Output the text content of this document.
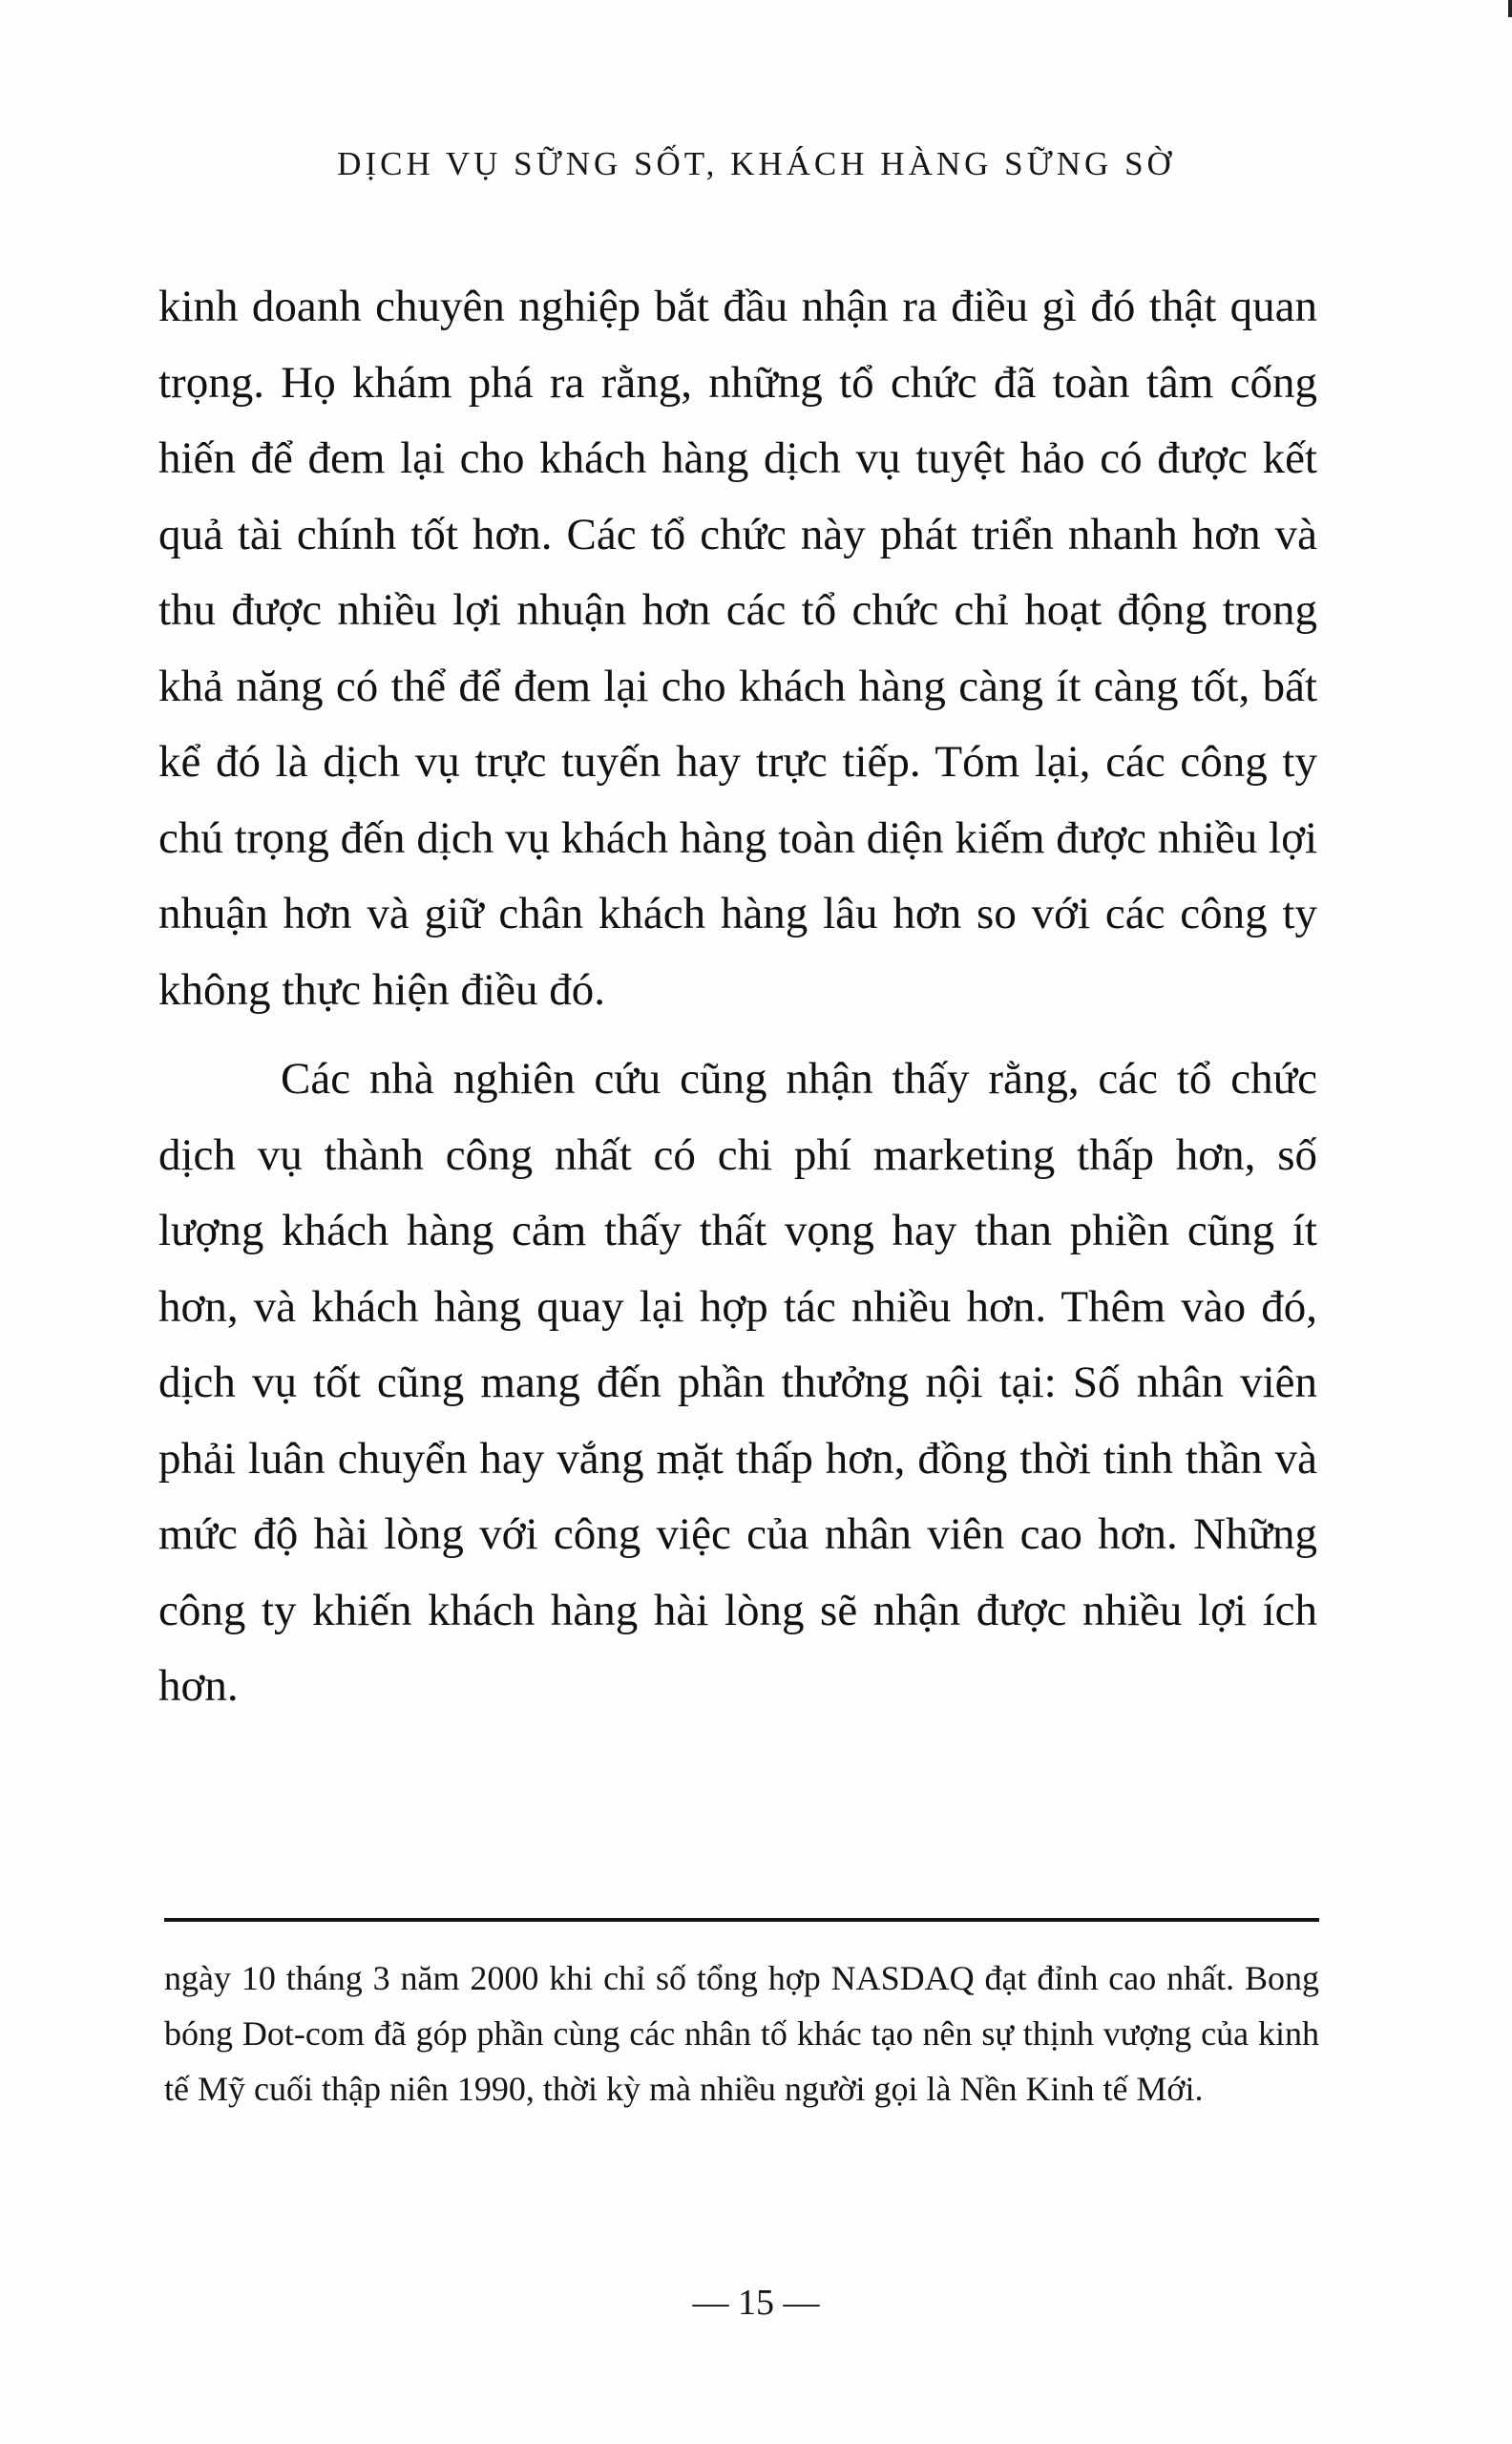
DỊCH VỤ SỮNG SỐT, KHÁCH HÀNG SỮNG SỜ

kinh doanh chuyên nghiệp bắt đầu nhận ra điều gì đó thật quan trọng. Họ khám phá ra rằng, những tổ chức đã toàn tâm cống hiến để đem lại cho khách hàng dịch vụ tuyệt hảo có được kết quả tài chính tốt hơn. Các tổ chức này phát triển nhanh hơn và thu được nhiều lợi nhuận hơn các tổ chức chỉ hoạt động trong khả năng có thể để đem lại cho khách hàng càng ít càng tốt, bất kể đó là dịch vụ trực tuyến hay trực tiếp. Tóm lại, các công ty chú trọng đến dịch vụ khách hàng toàn diện kiếm được nhiều lợi nhuận hơn và giữ chân khách hàng lâu hơn so với các công ty không thực hiện điều đó.

Các nhà nghiên cứu cũng nhận thấy rằng, các tổ chức dịch vụ thành công nhất có chi phí marketing thấp hơn, số lượng khách hàng cảm thấy thất vọng hay than phiền cũng ít hơn, và khách hàng quay lại hợp tác nhiều hơn. Thêm vào đó, dịch vụ tốt cũng mang đến phần thưởng nội tại: Số nhân viên phải luân chuyển hay vắng mặt thấp hơn, đồng thời tinh thần và mức độ hài lòng với công việc của nhân viên cao hơn. Những công ty khiến khách hàng hài lòng sẽ nhận được nhiều lợi ích hơn.

ngày 10 tháng 3 năm 2000 khi chỉ số tổng hợp NASDAQ đạt đỉnh cao nhất. Bong bóng Dot-com đã góp phần cùng các nhân tố khác tạo nên sự thịnh vượng của kinh tế Mỹ cuối thập niên 1990, thời kỳ mà nhiều người gọi là Nền Kinh tế Mới.

— 15 —
